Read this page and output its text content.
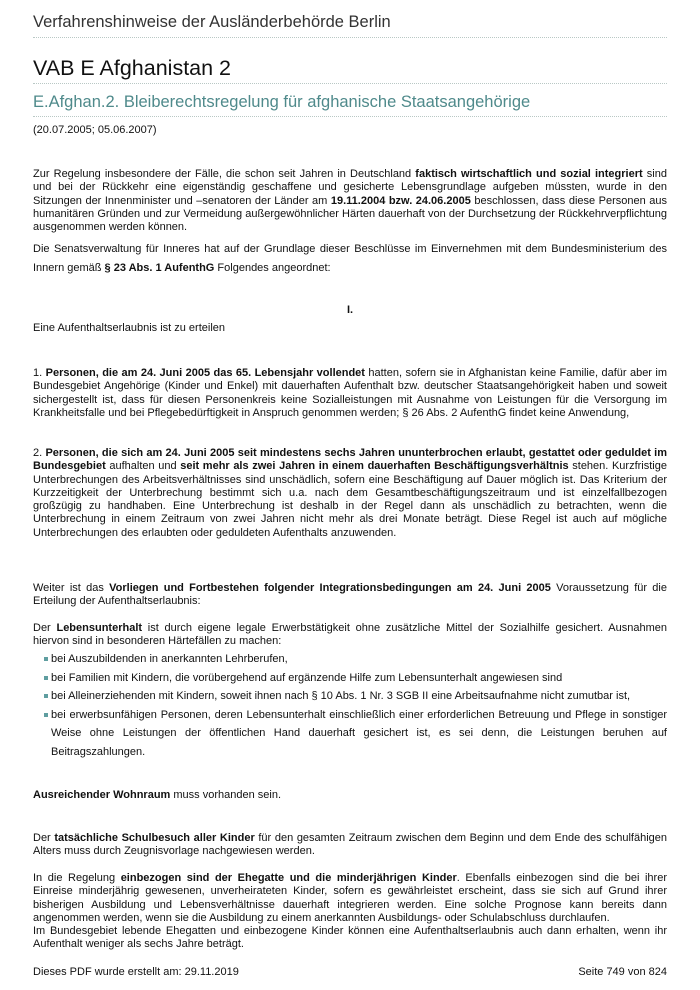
Verfahrenshinweise der Ausländerbehörde Berlin
VAB E Afghanistan 2
E.Afghan.2. Bleiberechtsregelung für afghanische Staatsangehörige
(20.07.2005; 05.06.2007)

Zur Regelung insbesondere der Fälle, die schon seit Jahren in Deutschland faktisch wirtschaftlich und sozial integriert sind und bei der Rückkehr eine eigenständig geschaffene und gesicherte Lebensgrundlage aufgeben müssten, wurde in den Sitzungen der Innenminister und –senatoren der Länder am 19.11.2004 bzw. 24.06.2005 beschlossen, dass diese Personen aus humanitären Gründen und zur Vermeidung außergewöhnlicher Härten dauerhaft von der Durchsetzung der Rückkehrverpflichtung ausgenommen werden können.

Die Senatsverwaltung für Inneres hat auf der Grundlage dieser Beschlüsse im Einvernehmen mit dem Bundesministerium des Innern gemäß § 23 Abs. 1 AufenthG Folgendes angeordnet:

I.

Eine Aufenthaltserlaubnis ist zu erteilen

1. Personen, die am 24. Juni 2005 das 65. Lebensjahr vollendet hatten, sofern sie in Afghanistan keine Familie, dafür aber im Bundesgebiet Angehörige (Kinder und Enkel) mit dauerhaften Aufenthalt bzw. deutscher Staatsangehörigkeit haben und soweit sichergestellt ist, dass für diesen Personenkreis keine Sozialleistungen mit Ausnahme von Leistungen für die Versorgung im Krankheitsfalle und bei Pflegebedürftigkeit in Anspruch genommen werden; § 26 Abs. 2 AufenthG findet keine Anwendung,

2. Personen, die sich am 24. Juni 2005 seit mindestens sechs Jahren ununterbrochen erlaubt, gestattet oder geduldet im Bundesgebiet aufhalten und seit mehr als zwei Jahren in einem dauerhaften Beschäftigungsverhältnis stehen. Kurzfristige Unterbrechungen des Arbeitsverhältnisses sind unschädlich, sofern eine Beschäftigung auf Dauer möglich ist. Das Kriterium der Kurzzeitigkeit der Unterbrechung bestimmt sich u.a. nach dem Gesamtbeschäftigungszeitraum und ist einzelfallbezogen großzügig zu handhaben. Eine Unterbrechung ist deshalb in der Regel dann als unschädlich zu betrachten, wenn die Unterbrechung in einem Zeitraum von zwei Jahren nicht mehr als drei Monate beträgt. Diese Regel ist auch auf mögliche Unterbrechungen des erlaubten oder geduldeten Aufenthalts anzuwenden.

Weiter ist das Vorliegen und Fortbestehen folgender Integrationsbedingungen am 24. Juni 2005 Voraussetzung für die Erteilung der Aufenthaltserlaubnis:

Der Lebensunterhalt ist durch eigene legale Erwerbstätigkeit ohne zusätzliche Mittel der Sozialhilfe gesichert. Ausnahmen hiervon sind in besonderen Härtefällen zu machen:

bei Auszubildenden in anerkannten Lehrberufen,
bei Familien mit Kindern, die vorübergehend auf ergänzende Hilfe zum Lebensunterhalt angewiesen sind
bei Alleinerziehenden mit Kindern, soweit ihnen nach § 10 Abs. 1 Nr. 3 SGB II eine Arbeitsaufnahme nicht zumutbar ist,
bei erwerbsunfähigen Personen, deren Lebensunterhalt einschließlich einer erforderlichen Betreuung und Pflege in sonstiger Weise ohne Leistungen der öffentlichen Hand dauerhaft gesichert ist, es sei denn, die Leistungen beruhen auf Beitragszahlungen.

Ausreichender Wohnraum muss vorhanden sein.

Der tatsächliche Schulbesuch aller Kinder für den gesamten Zeitraum zwischen dem Beginn und dem Ende des schulfähigen Alters muss durch Zeugnisvorlage nachgewiesen werden.

In die Regelung einbezogen sind der Ehegatte und die minderjährigen Kinder. Ebenfalls einbezogen sind die bei ihrer Einreise minderjährig gewesenen, unverheirateten Kinder, sofern es gewährleistet erscheint, dass sie sich auf Grund ihrer bisherigen Ausbildung und Lebensverhältnisse dauerhaft integrieren werden. Eine solche Prognose kann bereits dann angenommen werden, wenn sie die Ausbildung zu einem anerkannten Ausbildungs- oder Schulabschluss durchlaufen.
Im Bundesgebiet lebende Ehegatten und einbezogene Kinder können eine Aufenthaltserlaubnis auch dann erhalten, wenn ihr Aufenthalt weniger als sechs Jahre beträgt.

Dieses PDF wurde erstellt am: 29.11.2019	Seite 749 von 824
